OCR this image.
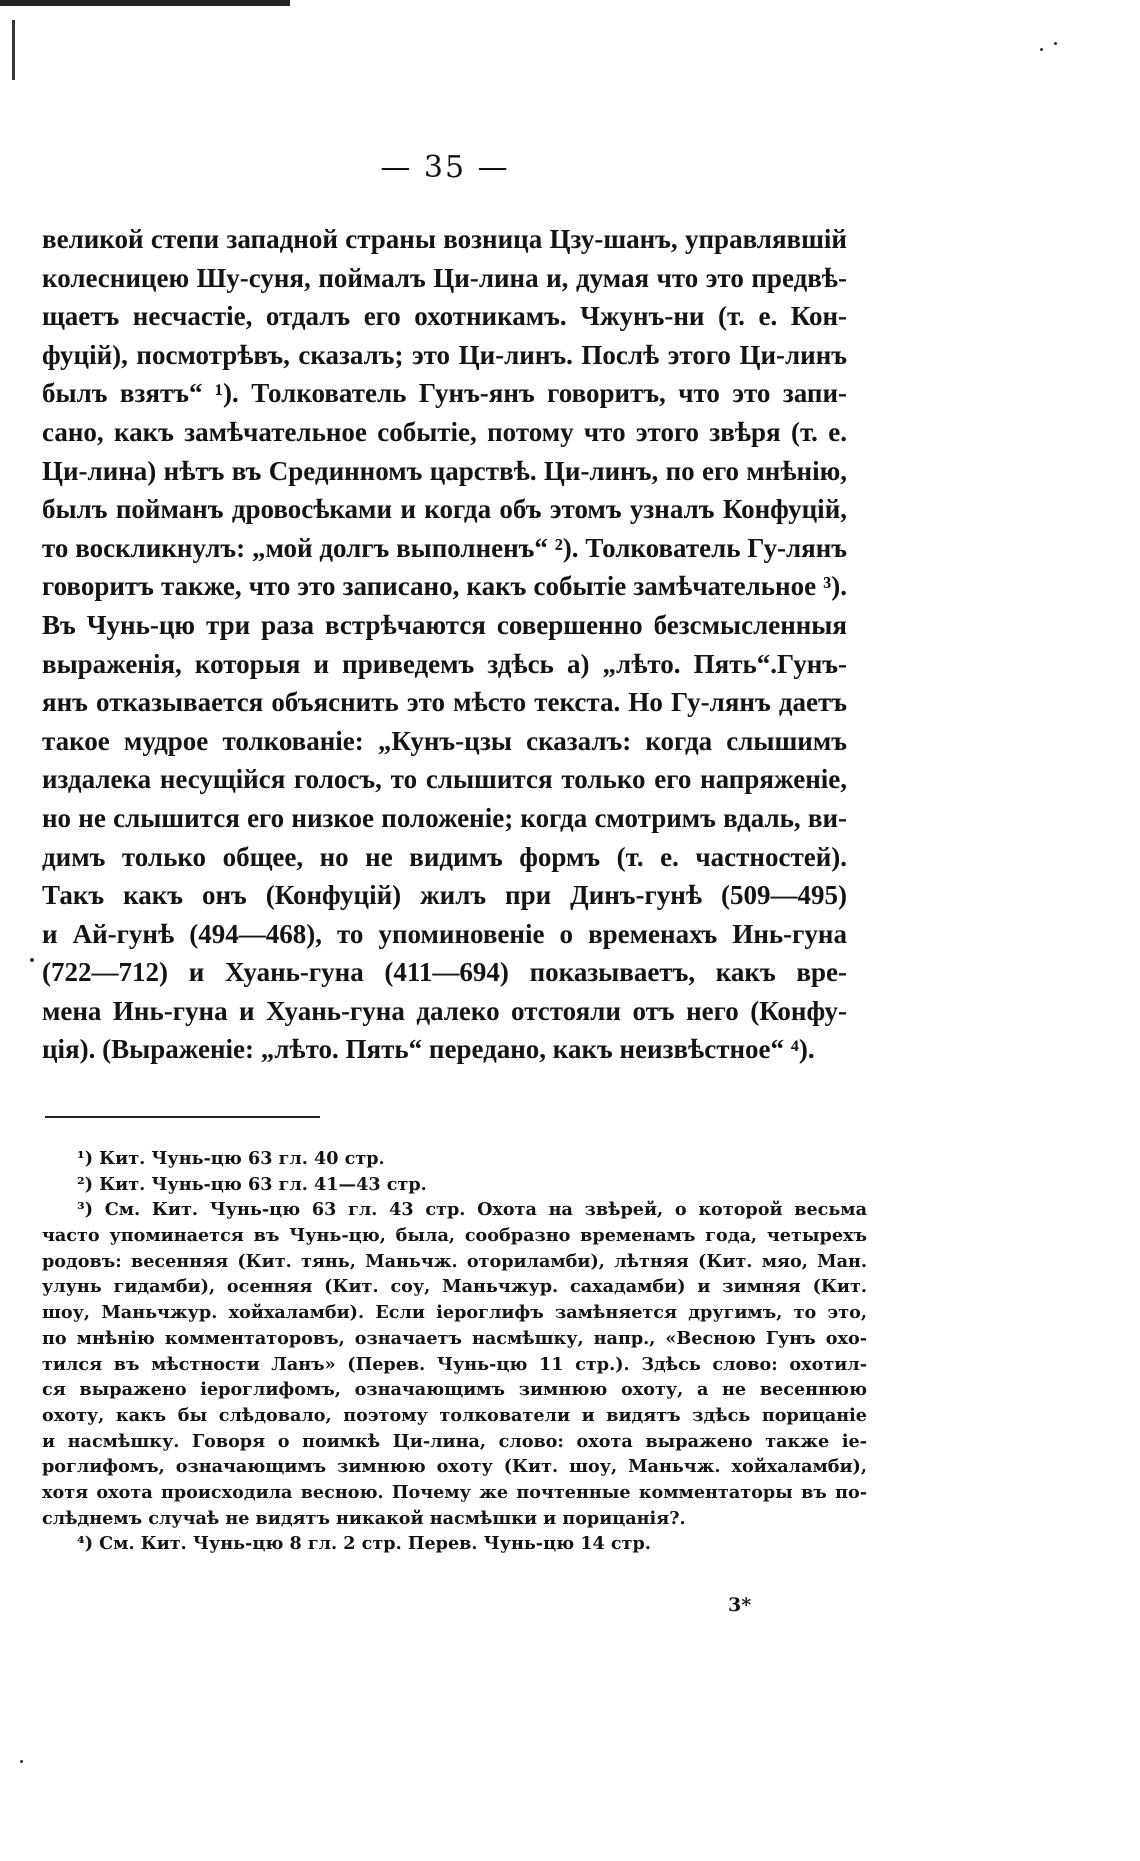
— 35 —
великой степи западной страны возница Цзу-шанъ, управлявшій
колесницею Шу-суня, поймалъ Ци-лина и, думая что это предвѣ-
щаетъ несчастіе, отдалъ его охотникамъ. Чжунъ-ни (т. е. Кон-
фуцій), посмотрѣвъ, сказалъ; это Ци-линъ. Послѣ этого Ци-линъ
былъ взятъ“ ¹). Толкователь Гунъ-янъ говоритъ, что это запи-
сано, какъ замѣчательное событіе, потому что этого звѣря (т. е.
Ци-лина) нѣтъ въ Срединномъ царствѣ. Ци-линъ, по его мнѣнію,
былъ пойманъ дровосѣками и когда объ этомъ узналъ Конфуцій,
то воскликнулъ: „мой долгъ выполненъ“ ²). Толкователь Гу-лянъ
говоритъ также, что это записано, какъ событіе замѣчательное ³).
Въ Чунь-цю три раза встрѣчаются совершенно безсмысленныя
выраженія, которыя и приведемъ здѣсь а) „лѣто. Пять“.Гунъ-
янъ отказывается объяснить это мѣсто текста. Но Гу-лянъ даетъ
такое мудрое толкованіе: „Кунъ-цзы сказалъ: когда слышимъ
издалека несущійся голосъ, то слышится только его напряженіе,
но не слышится его низкое положеніе; когда смотримъ вдаль, ви-
димъ только общее, но не видимъ формъ (т. е. частностей).
Такъ какъ онъ (Конфуцій) жилъ при Динъ-гунѣ (509—495)
и Ай-гунѣ (494—468), то упоминовеніе о временахъ Инь-гуна
(722—712) и Хуань-гуна (411—694) показываетъ, какъ вре-
мена Инь-гуна и Хуань-гуна далеко отстояли отъ него (Конфу-
ція). (Выраженіе: „лѣто. Пять“ передано, какъ неизвѣстное“ ⁴).
¹) Кит. Чунь-цю 63 гл. 40 стр.
²) Кит. Чунь-цю 63 гл. 41—43 стр.
³) См. Кит. Чунь-цю 63 гл. 43 стр. Охота на звѣрей, о которой весьма
часто упоминается въ Чунь-цю, была, сообразно временамъ года, четырехъ
родовъ: весенняя (Кит. тянь, Маньчж. отoриламби), лѣтняя (Кит. мяо, Ман.
улунь гидамби), осенняя (Кит. соу, Маньчжур. сахадамби) и зимняя (Кит.
шоу, Маньчжур. хойхаламби). Если іероглифъ замѣняется другимъ, то это,
по мнѣнію комментаторовъ, означаетъ насмѣшку, напр., «Весною Гунъ охо-
тился въ мѣстности Ланъ» (Перев. Чунь-цю 11 стр.). Здѣсь слово: охотил-
ся выражено іероглифомъ, означающимъ зимнюю охоту, а не весеннюю
охоту, какъ бы слѣдовало, поэтому толкователи и видятъ здѣсь порицаніе
и насмѣшку. Говоря о поимкѣ Ци-лина, слово: охота выражено также іе-
роглифомъ, означающимъ зимнюю охоту (Кит. шоу, Маньчж. хойхаламби),
хотя охота происходила весною. Почему же почтенные комментаторы въ по-
слѣднемъ случаѣ не видятъ никакой насмѣшки и порицанія?.
⁴) См. Кит. Чунь-цю 8 гл. 2 стр. Перев. Чунь-цю 14 стр.
3*
